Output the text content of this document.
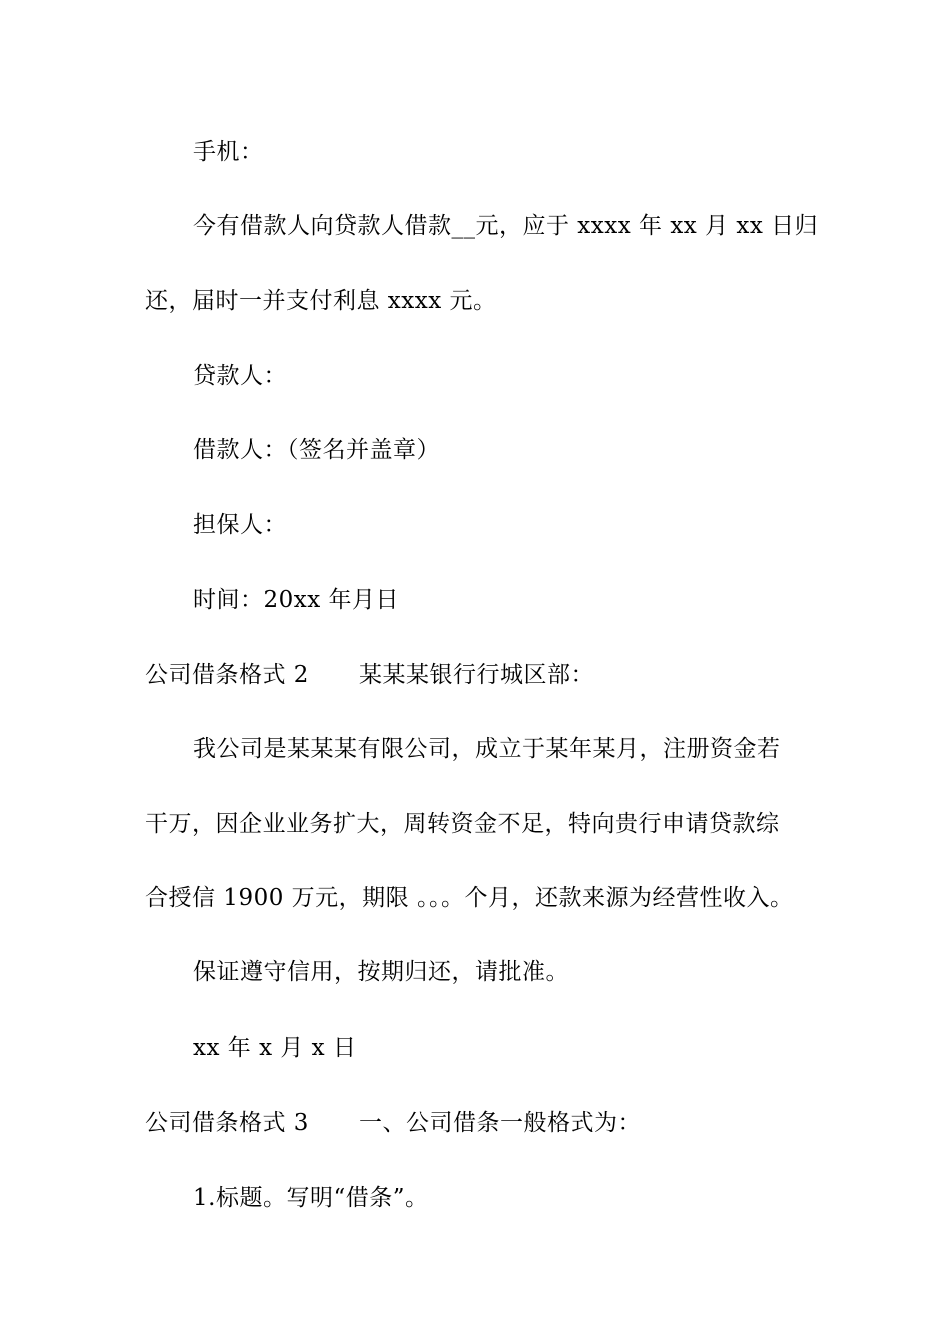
手机：
今有借款人向贷款人借款__元，应于 xxxx 年 xx 月 xx 日归
还，届时一并支付利息 xxxx 元。
贷款人：
借款人：（签名并盖章）
担保人：
时间：20xx 年月日
公司借条格式 2 某某某银行行城区部：
我公司是某某某有限公司，成立于某年某月，注册资金若
干万，因企业业务扩大，周转资金不足，特向贵行申请贷款综
合授信 1900 万元，期限 。。。个月，还款来源为经营性收入。
保证遵守信用，按期归还，请批准。
xx 年 x 月 x 日
公司借条格式 3 一、公司借条一般格式为：
1.标题。写明“借条”。
